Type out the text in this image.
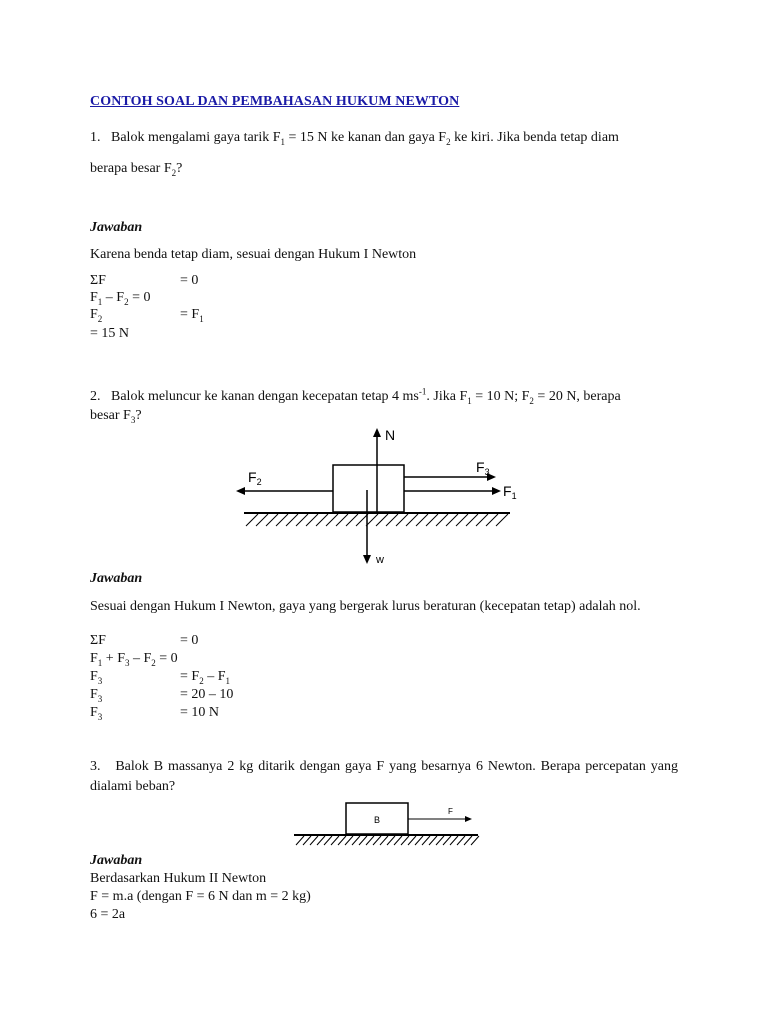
CONTOH SOAL DAN PEMBAHASAN HUKUM NEWTON
1. Balok mengalami gaya tarik $F_1 = 15$ N ke kanan dan gaya $F_2$ ke kiri. Jika benda tetap diam
berapa besar $F_2$?
Jawaban
Karena benda tetap diam, sesuai dengan Hukum I Newton
ΣF	= 0
$F_1 - F_2 = 0$
$F_2$	= $F_1$
= 15 N
2. Balok meluncur ke kanan dengan kecepatan tetap 4 $ms^{-1}$. Jika $F_1 = 10$ N; $F_2 = 20$ N, berapa
besar $F_3$?
N
w
$F_2$
$F_3$
$F_1$
Jawaban
Sesuai dengan Hukum I Newton, gaya yang bergerak lurus beraturan (kecepatan tetap) adalah nol.
ΣF	= 0
$F_1 + F_3 - F_2 = 0$
$F_3$	= $F_2 - F_1$
$F_3$	= 20 – 10
$F_3$	= 10 N
3. Balok B massanya 2 kg ditarik dengan gaya F yang besarnya 6 Newton. Berapa percepatan yang dialami beban?
B
F
Jawaban
Berdasarkan Hukum II Newton
F = m.a (dengan F = 6 N dan m = 2 kg)
6 = 2a
